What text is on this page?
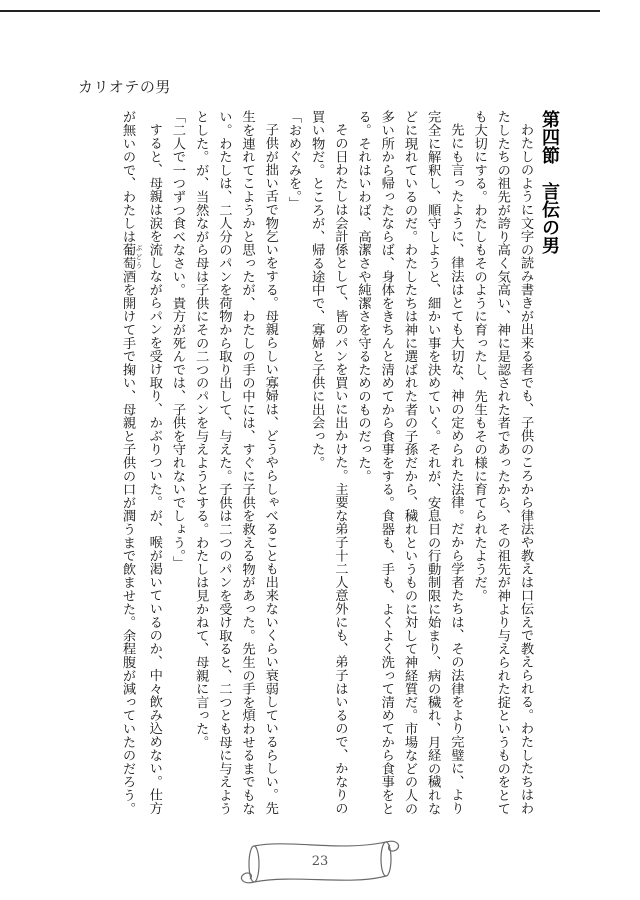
カリオテの男
第四節　言伝の男
わたしのように文字の読み書きが出来る者でも、子供のころから律法や教えは口伝えで教えられる。わたしたちはわ
たしたちの祖先が誇り高く気高い、神に是認された者であったから、その祖先が神より与えられた掟というものをとて
も大切にする。わたしもそのように育ったし、先生もその様に育てられたようだ。
先にも言ったように、律法はとても大切な、神の定められた法律。だから学者たちは、その法律をより完璧に、より
完全に解釈し、順守しようと、細かい事を決めていく。それが、安息日の行動制限に始まり、病の穢れ、月経の穢れな
どに現れているのだ。わたしたちは神に選ばれた者の子孫だから、穢れというものに対して神経質だ。市場などの人の
多い所から帰ったならば、身体をきちんと清めてから食事をする。食器も、手も、よくよく洗って清めてから食事をと
る。それはいわば、高潔さや純潔さを守るためのものだった。
その日わたしは会計係として、皆のパンを買いに出かけた。主要な弟子十二人意外にも、弟子はいるので、かなりの
買い物だ。ところが、帰る途中で、寡婦と子供に出会った。
「おめぐみを。」
子供が拙い舌で物乞いをする。母親らしい寡婦は、どうやらしゃべることも出来ないくらい衰弱しているらしい。先
生を連れてこようかと思ったが、わたしの手の中には、すぐに子供を救える物があった。先生の手を煩わせるまでもな
い。わたしは、二人分のパンを荷物から取り出して、与えた。子供は二つのパンを受け取ると、二つとも母に与えよう
とした。が、当然ながら母は子供にその二つのパンを与えようとする。わたしは見かねて、母親に言った。
「二人で一つずつ食べなさい。貴方が死んでは、子供を守れないでしょう。」
すると、母親は涙を流しながらパンを受け取り、かぶりついた。が、喉が渇いているのか、中々飲み込めない。仕方
が無いので、わたしは葡萄 ぶどう酒を開けて手で掬い、母親と子供の口が潤うまで飲ませた。余程腹が減っていたのだろう。
23
